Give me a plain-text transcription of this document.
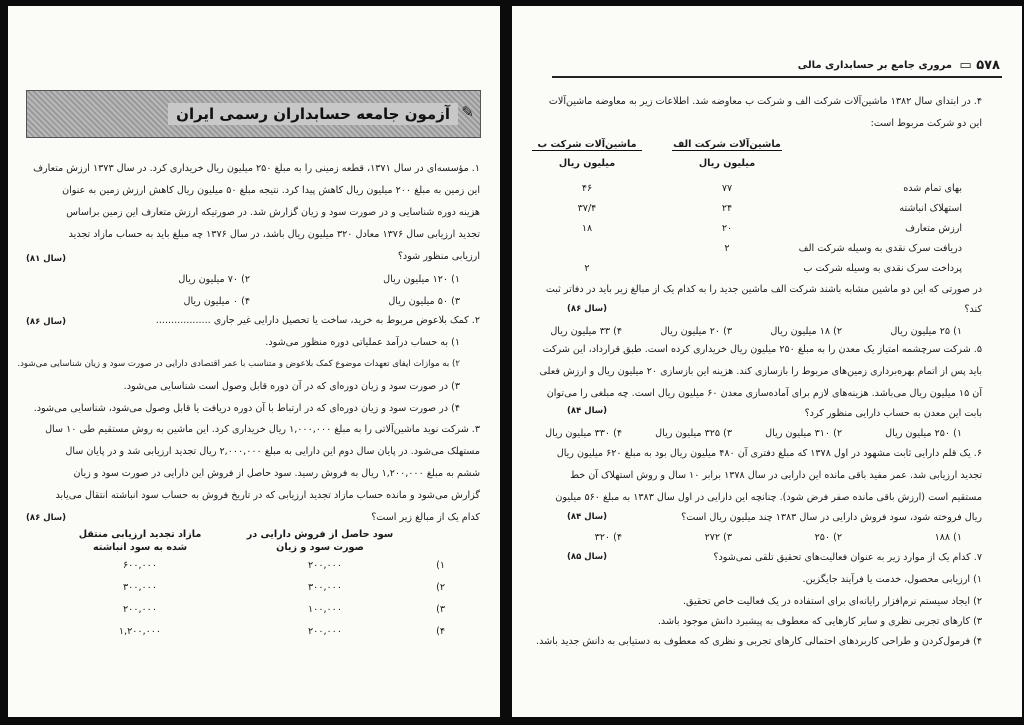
✎
آزمون جامعه حسابداران رسمی ایران
۱. مؤسسه‌ای در سال ۱۳۷۱، قطعه زمینی را به مبلغ ۲۵۰ میلیون ریال خریداری کرد. در سال ۱۳۷۳ ارزش متعارف
این زمین به مبلغ ۲۰۰ میلیون ریال کاهش پیدا کرد. نتیجه مبلغ ۵۰ میلیون ریال کاهش ارزش زمین به عنوان
هزینه دوره شناسایی و در صورت سود و زیان گزارش شد. در صورتیکه ارزش متعارف این زمین براساس
تجدید ارزیابی سال ۱۳۷۶ معادل ۳۲۰ میلیون ریال باشد، در سال ۱۳۷۶ چه مبلغ باید به حساب مازاد تجدید
ارزیابی منظور شود؟
(سال ۸۱)
۱) ۱۲۰ میلیون ریال
۲) ۷۰ میلیون ریال
۳) ۵۰ میلیون ریال
۴) ۰ میلیون ریال
۲. کمک بلاعوض مربوط به خرید، ساخت یا تحصیل دارایی غیر جاری ..................
(سال ۸۶)
۱) به حساب درآمد عملیاتی دوره منظور می‌شود.
۲) به موازات ایفای تعهدات موضوع کمک بلاعوض و متناسب با عمر اقتصادی دارایی در صورت سود و زیان شناسایی می‌شود.
۳) در صورت سود و زیان دوره‌ای که در آن دوره قابل وصول است شناسایی می‌شود.
۴) در صورت سود و زیان دوره‌ای که در ارتباط با آن دوره دریافت یا قابل وصول می‌شود، شناسایی می‌شود.
۳. شرکت نوید ماشین‌آلاتی را به مبلغ ۱,۰۰۰,۰۰۰ ریال خریداری کرد. این ماشین به روش مستقیم طی ۱۰ سال
مستهلک می‌شود. در پایان سال دوم این دارایی به مبلغ ۲,۰۰۰,۰۰۰ ریال تجدید ارزیابی شد و در پایان سال
ششم به مبلغ ۱,۲۰۰,۰۰۰ ریال به فروش رسید. سود حاصل از فروش این دارایی در صورت سود و زیان
گزارش می‌شود و مانده حساب مازاد تجدید ارزیابی که در تاریخ فروش به حساب سود انباشته انتقال می‌یابد
کدام یک از مبالغ زیر است؟
(سال ۸۶)
سود حاصل از فروش دارایی در صورت سود و زیان
مازاد تجدید ارزیابی منتقل شده به سود انباشته
۱)
۲۰۰,۰۰۰
۶۰۰,۰۰۰
۲)
۳۰۰,۰۰۰
۳۰۰,۰۰۰
۳)
۱۰۰,۰۰۰
۲۰۰,۰۰۰
۴)
۲۰۰,۰۰۰
۱,۲۰۰,۰۰۰
▭ ۵۷۸
مروری جامع بر حسابداری مالی
۴. در ابتدای سال ۱۳۸۲ ماشین‌آلات شرکت الف و شرکت ب معاوضه شد. اطلاعات زیر به معاوضه ماشین‌آلات
این دو شرکت مربوط است:
ماشین‌آلات شرکت الف
ماشین‌آلات شرکت ب
میلیون ریال
میلیون ریال
بهای تمام شده
۷۷
۴۶
استهلاک انباشته
۲۴
۳۷/۴
ارزش متعارف
۲۰
۱۸
دریافت سرک نقدی به وسیله شرکت الف
۲
پرداخت سرک نقدی به وسیله شرکت ب
۲
در صورتی که این دو ماشین مشابه باشند شرکت الف ماشین جدید را به کدام یک از مبالغ زیر باید در دفاتر ثبت
کند؟
(سال ۸۶)
۱) ۲۵ میلیون ریال
۲) ۱۸ میلیون ریال
۳) ۲۰ میلیون ریال
۴) ۳۳ میلیون ریال
۵. شرکت سرچشمه امتیاز یک معدن را به مبلغ ۲۵۰ میلیون ریال خریداری کرده است. طبق قرارداد، این شرکت
باید پس از اتمام بهره‌برداری زمین‌های مربوط را بازسازی کند. هزینه این بازسازی ۲۰ میلیون ریال و ارزش فعلی
آن ۱۵ میلیون ریال می‌باشد. هزینه‌های لازم برای آماده‌سازی معدن ۶۰ میلیون ریال است. چه مبلغی را می‌توان
بابت این معدن به حساب دارایی منظور کرد؟
(سال ۸۴)
۱) ۲۵۰ میلیون ریال
۲) ۳۱۰ میلیون ریال
۳) ۳۲۵ میلیون ریال
۴) ۳۳۰ میلیون ریال
۶. یک قلم دارایی ثابت مشهود در اول ۱۳۷۸ که مبلغ دفتری آن ۴۸۰ میلیون ریال بود به مبلغ ۶۲۰ میلیون ریال
تجدید ارزیابی شد. عمر مفید باقی مانده این دارایی در سال ۱۳۷۸ برابر ۱۰ سال و روش استهلاک آن خط
مستقیم است (ارزش باقی مانده صفر فرض شود). چنانچه این دارایی در اول سال ۱۳۸۳ به مبلغ ۵۶۰ میلیون
ریال فروخته شود، سود فروش دارایی در سال ۱۳۸۳ چند میلیون ریال است؟
(سال ۸۴)
۱) ۱۸۸
۲) ۲۵۰
۳) ۲۷۲
۴) ۳۲۰
۷. کدام یک از موارد زیر به عنوان فعالیت‌های تحقیق تلقی نمی‌شود؟
(سال ۸۵)
۱) ارزیابی محصول، خدمت یا فرآیند جایگزین.
۲) ایجاد سیستم نرم‌افزار رایانه‌ای برای استفاده در یک فعالیت خاص تحقیق.
۳) کارهای تجربی نظری و سایر کارهایی که معطوف به پیشبرد دانش موجود باشد.
۴) فرمول‌کردن و طراحی کاربردهای احتمالی کارهای تجربی و نظری که معطوف به دستیابی به دانش جدید باشد.
